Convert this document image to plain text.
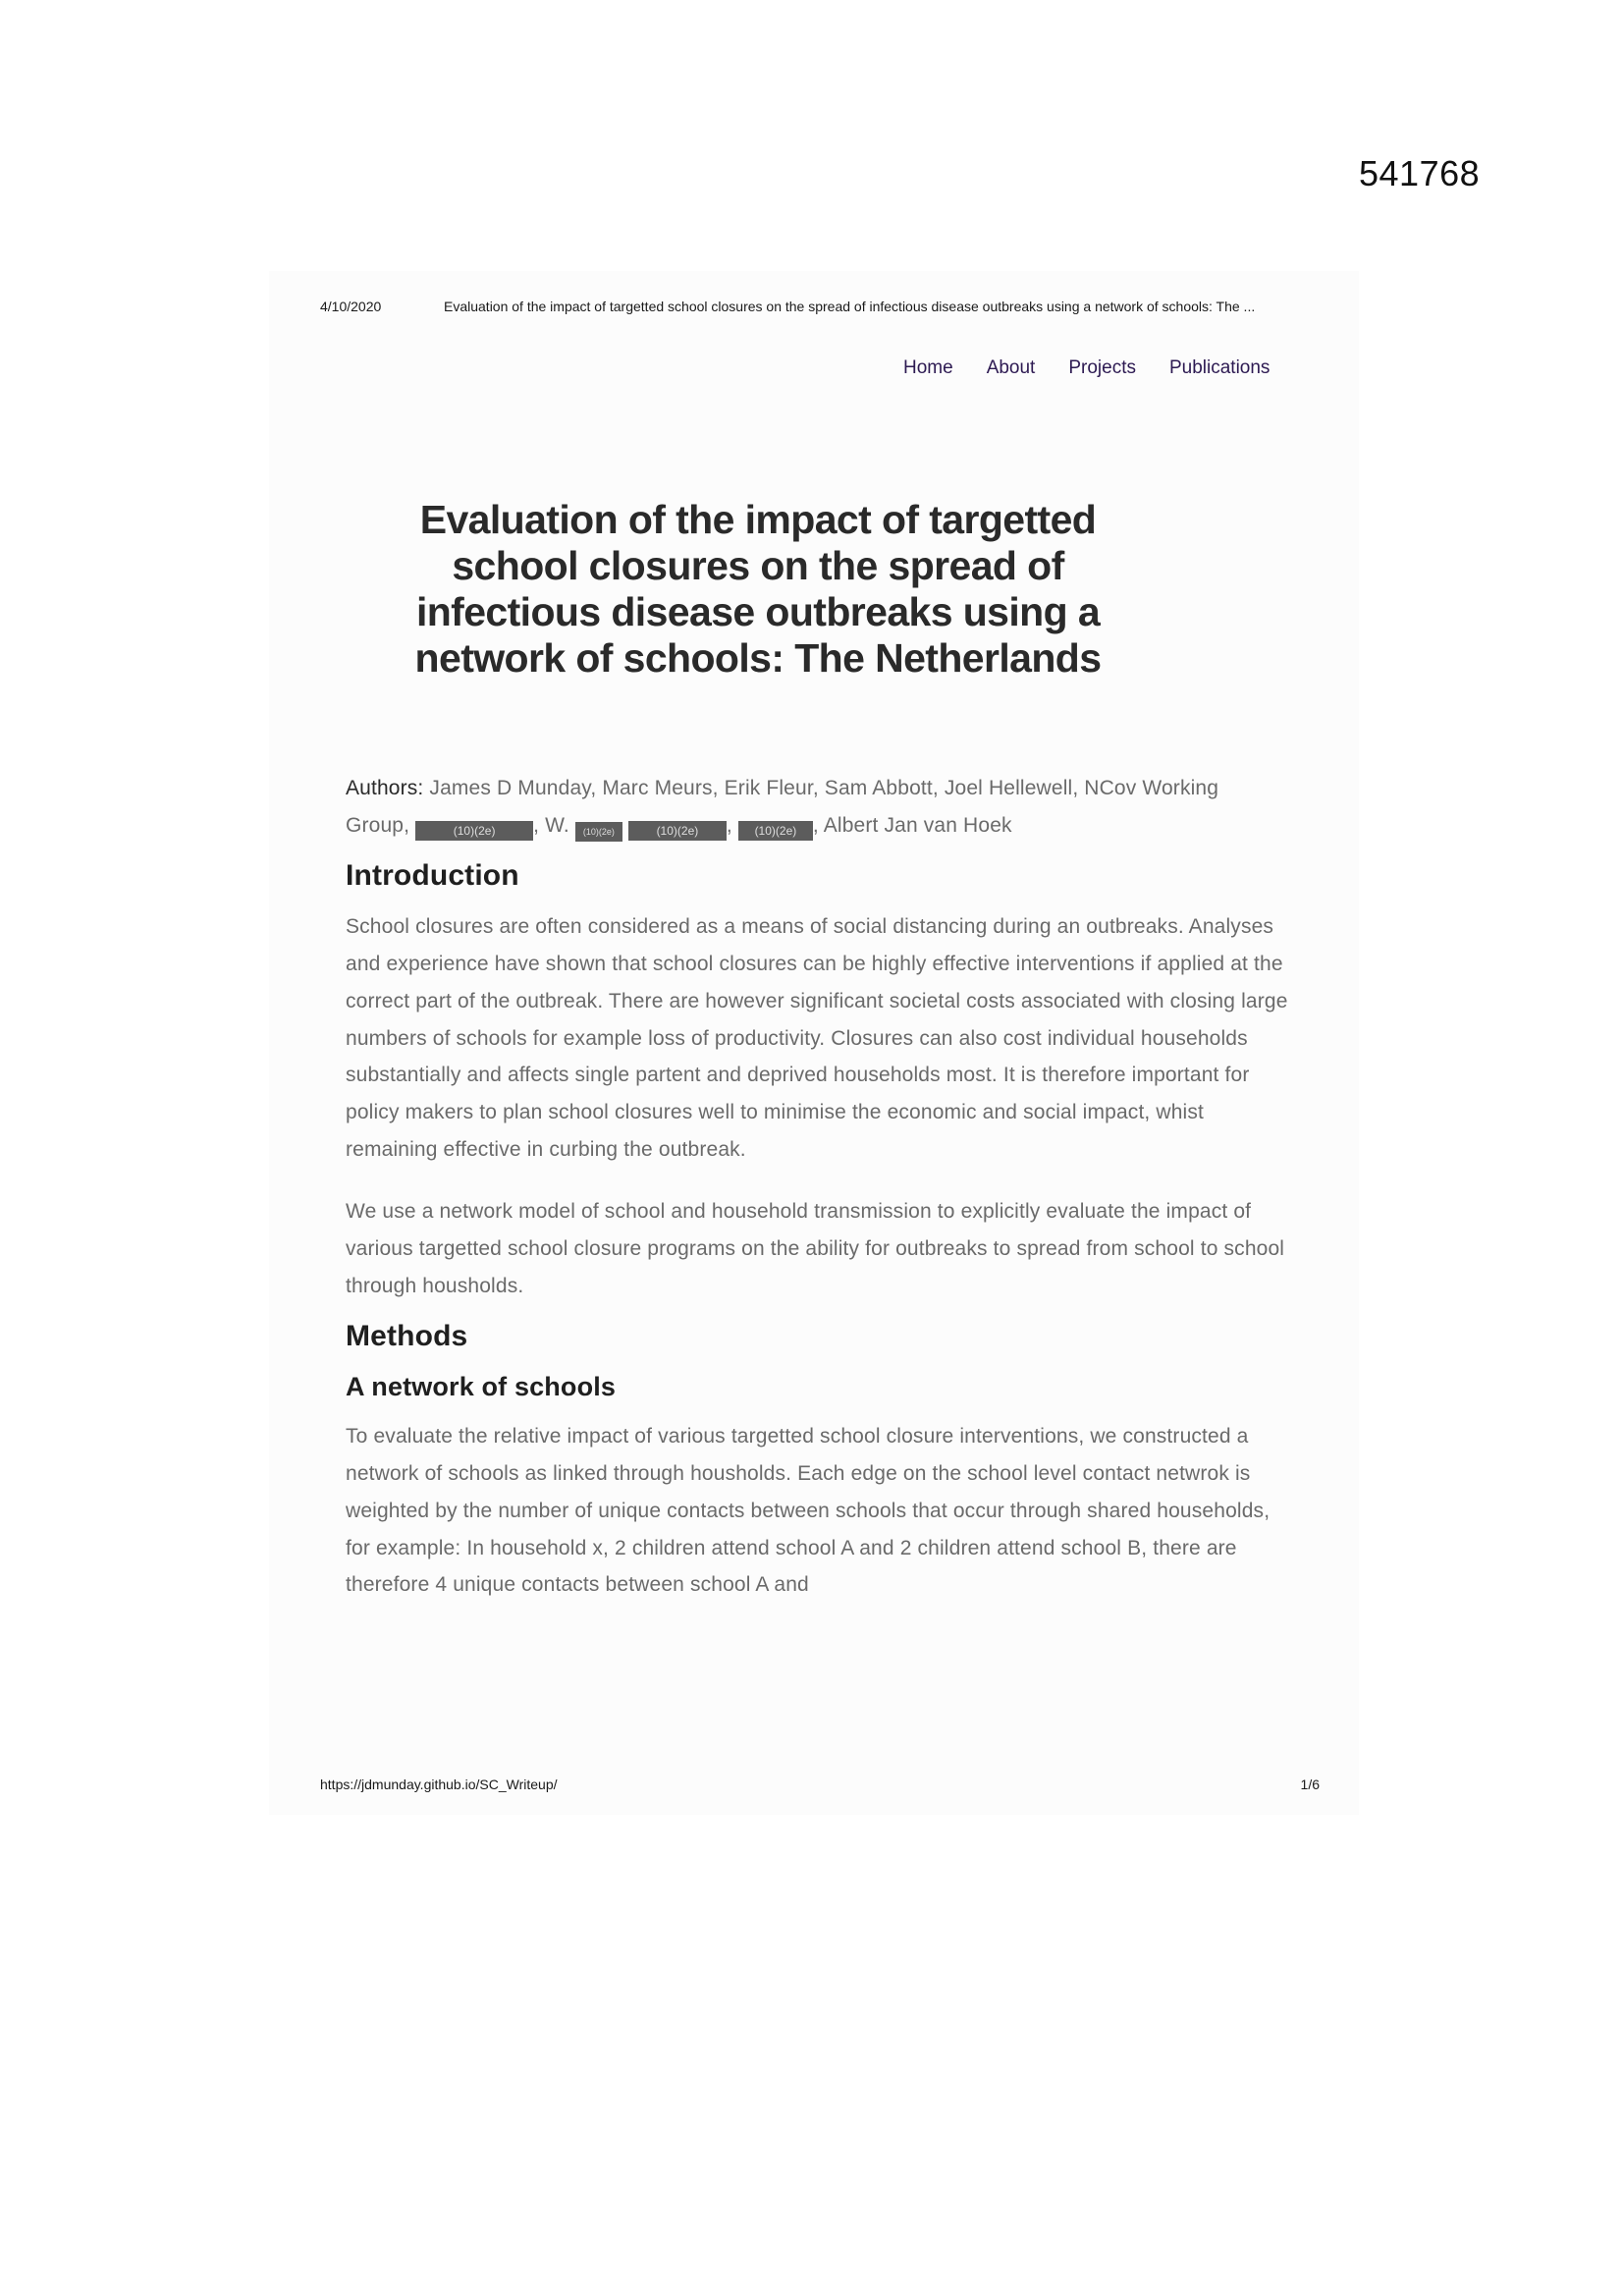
541768
4/10/2020	Evaluation of the impact of targetted school closures on the spread of infectious disease outbreaks using a network of schools: The ...
Home About Projects Publications
Evaluation of the impact of targetted school closures on the spread of infectious disease outbreaks using a network of schools: The Netherlands

Authors: James D Munday, Marc Meurs, Erik Fleur, Sam Abbott, Joel Hellewell, NCov Working Group,	(10)(2e) , W. (10)(2e)	(10)(2e) , (10)(2e) , Albert Jan van Hoek

Introduction

School closures are often considered as a means of social distancing during an outbreaks. Analyses and experience have shown that school closures can be highly effective interventions if applied at the correct part of the outbreak. There are however significant societal costs associated with closing large numbers of schools for example loss of productivity. Closures can also cost individual households substantially and affects single partent and deprived households most. It is therefore important for policy makers to plan school closures well to minimise the economic and social impact, whist remaining effective in curbing the outbreak.

We use a network model of school and household transmission to explicitly evaluate the impact of various targetted school closure programs on the ability for outbreaks to spread from school to school through housholds.

Methods
A network of schools

To evaluate the relative impact of various targetted school closure interventions, we constructed a network of schools as linked through housholds. Each edge on the school level contact netwrok is weighted by the number of unique contacts between schools that occur through shared households, for example: In household x, 2 children attend school A and 2 children attend school B, there are therefore 4 unique contacts between school A and

https://jdmunday.github.io/SC_Writeup/	1/6
